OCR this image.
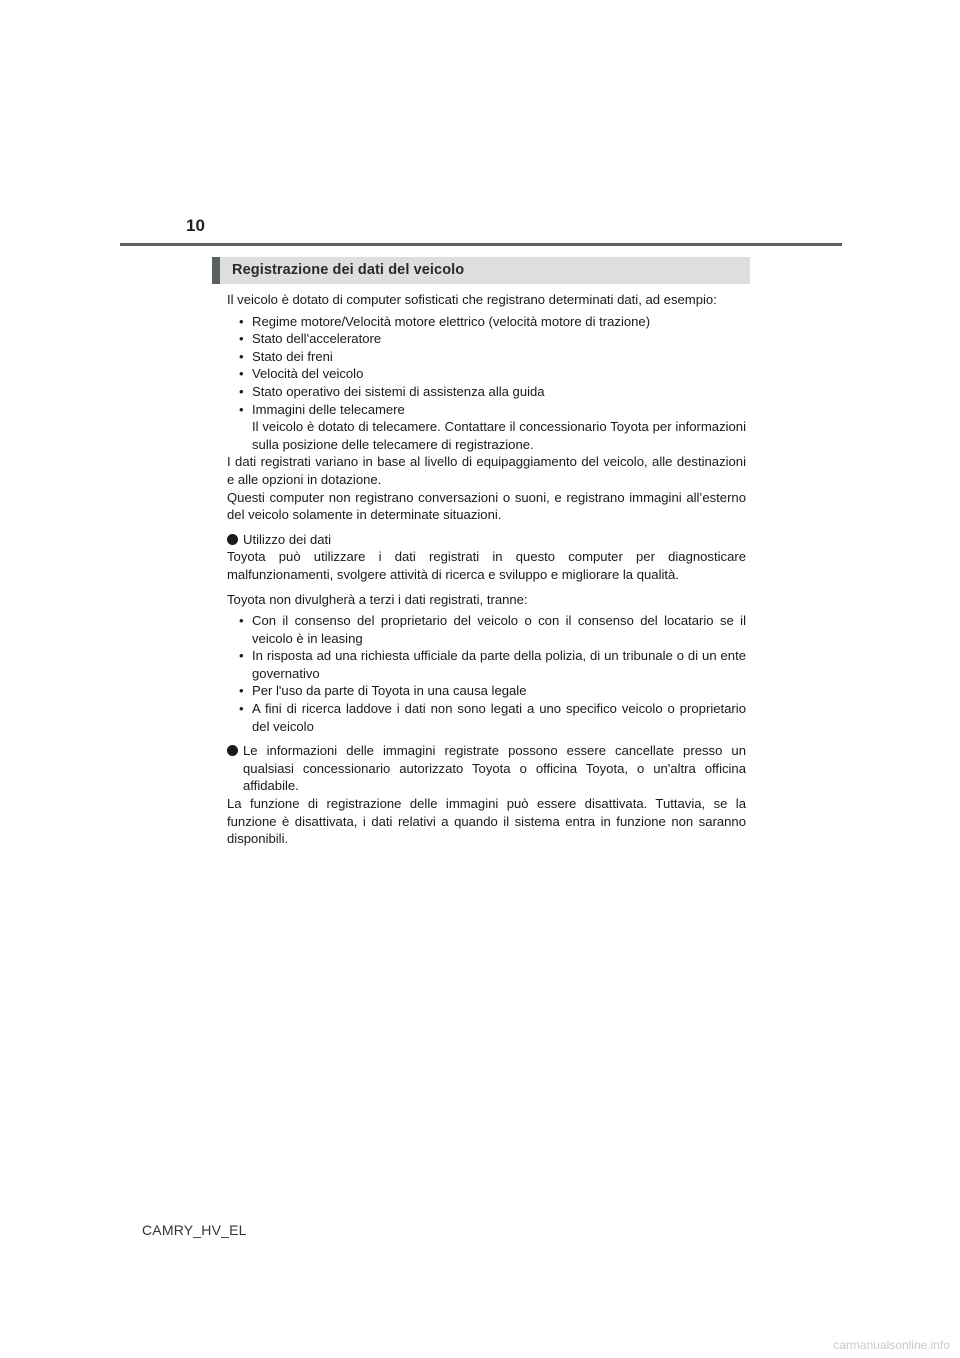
10
Registrazione dei dati del veicolo

Il veicolo è dotato di computer sofisticati che registrano determinati dati, ad esempio:

• Regime motore/Velocità motore elettrico (velocità motore di trazione)
• Stato dell'acceleratore
• Stato dei freni
• Velocità del veicolo
• Stato operativo dei sistemi di assistenza alla guida
• Immagini delle telecamere
Il veicolo è dotato di telecamere. Contattare il concessionario Toyota per informazioni sulla posizione delle telecamere di registrazione.

I dati registrati variano in base al livello di equipaggiamento del veicolo, alle destinazioni e alle opzioni in dotazione.

Questi computer non registrano conversazioni o suoni, e registrano immagini all’esterno del veicolo solamente in determinate situazioni.

Utilizzo dei dati

Toyota può utilizzare i dati registrati in questo computer per diagnosticare malfunzionamenti, svolgere attività di ricerca e sviluppo e migliorare la qualità.

Toyota non divulgherà a terzi i dati registrati, tranne:

• Con il consenso del proprietario del veicolo o con il consenso del locatario se il veicolo è in leasing
• In risposta ad una richiesta ufficiale da parte della polizia, di un tribunale o di un ente governativo
• Per l'uso da parte di Toyota in una causa legale
• A fini di ricerca laddove i dati non sono legati a uno specifico veicolo o proprietario del veicolo
Le informazioni delle immagini registrate possono essere cancellate presso un qualsiasi concessionario autorizzato Toyota o officina Toyota, o un'altra officina affidabile.

La funzione di registrazione delle immagini può essere disattivata. Tuttavia, se la funzione è disattivata, i dati relativi a quando il sistema entra in funzione non saranno disponibili.

CAMRY_HV_EL
carmanualsonline.info
